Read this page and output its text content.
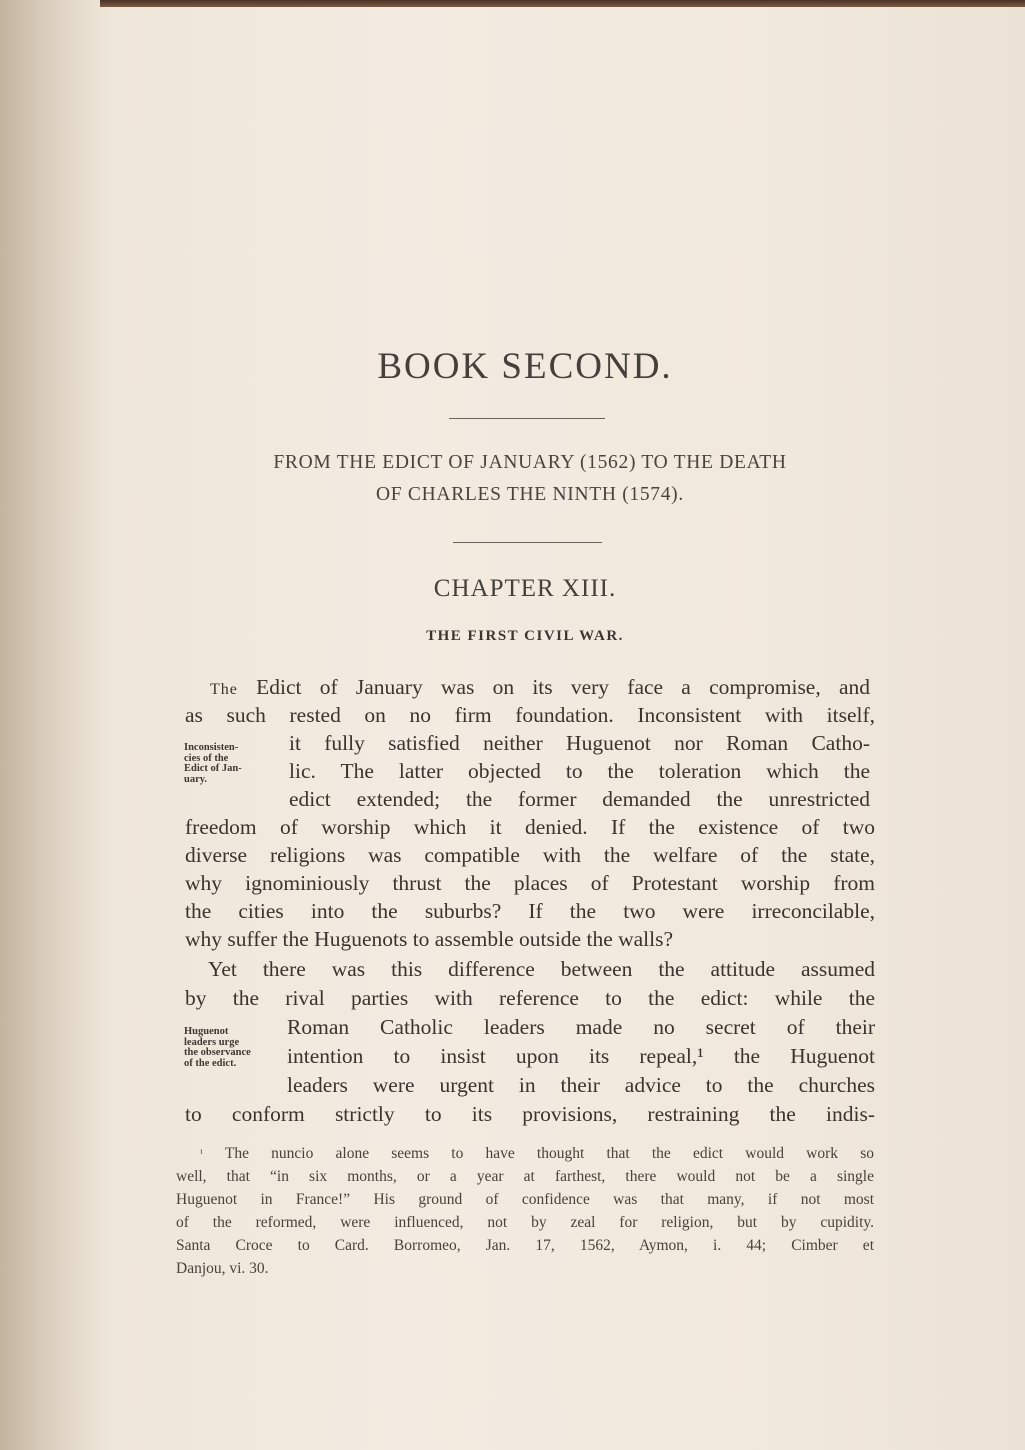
BOOK SECOND.
FROM THE EDICT OF JANUARY (1562) TO THE DEATH
OF CHARLES THE NINTH (1574).
CHAPTER XIII.
THE FIRST CIVIL WAR.
The Edict of January was on its very face a compromise, and
as such rested on no firm foundation. Inconsistent with itself,
it fully satisfied neither Huguenot nor Roman Catho-
lic. The latter objected to the toleration which the
edict extended; the former demanded the unrestricted
freedom of worship which it denied. If the existence of two
diverse religions was compatible with the welfare of the state,
why ignominiously thrust the places of Protestant worship from
the cities into the suburbs? If the two were irreconcilable,
why suffer the Huguenots to assemble outside the walls?
Yet there was this difference between the attitude assumed
by the rival parties with reference to the edict: while the
Roman Catholic leaders made no secret of their
intention to insist upon its repeal,¹ the Huguenot
leaders were urgent in their advice to the churches
to conform strictly to its provisions, restraining the indis-
Inconsisten-
cies of the
Edict of Jan-
uary.
Huguenot
leaders urge
the observance
of the edict.
$^{^1}$ The nuncio alone seems to have thought that the edict would work so
well, that “in six months, or a year at farthest, there would not be a single
Huguenot in France!” His ground of confidence was that many, if not most
of the reformed, were influenced, not by zeal for religion, but by cupidity.
Santa Croce to Card. Borromeo, Jan. 17, 1562, Aymon, i. 44; Cimber et
Danjou, vi. 30.
